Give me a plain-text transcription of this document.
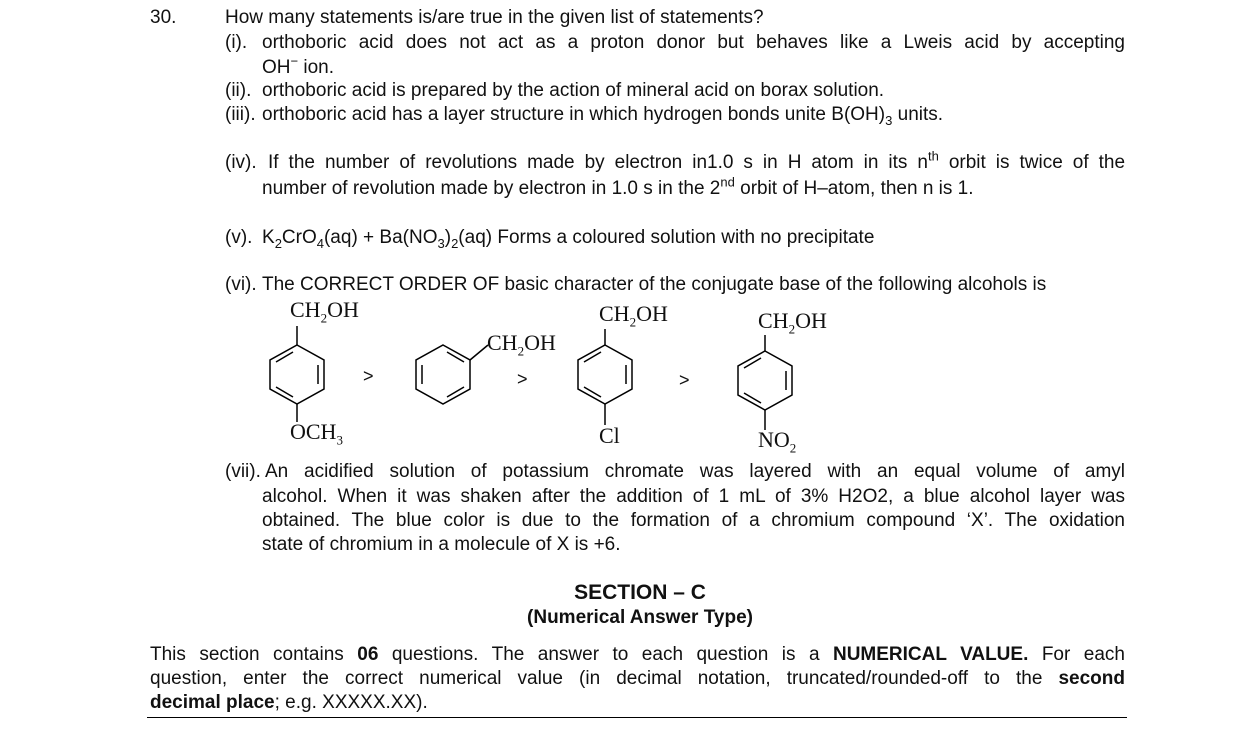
30.	How many statements is/are true in the given list of statements?
(i). orthoboric acid does not act as a proton donor but behaves like a Lweis acid by accepting
OH− ion.
(ii). orthoboric acid is prepared by the action of mineral acid on borax solution.
(iii). orthoboric acid has a layer structure in which hydrogen bonds unite $B(OH)_3$ units.
(iv). If the number of revolutions made by electron in1.0 s in H atom in its $n^{th}$ orbit is twice of the
number of revolution made by electron in 1.0 s in the 2nd orbit of H–atom, then n is 1.
(v). $K_2CrO_4(aq) + Ba(NO_3)_2(aq)$ Forms a coloured solution with no precipitate
(vi). The CORRECT ORDER OF basic character of the conjugate base of the following alcohols is
$CH_2OH$
$OCH_3$
>
$CH_2OH$
>
$CH_2OH$
Cl
>
$CH_2OH$
$NO_2$
(vii). An acidified solution of potassium chromate was layered with an equal volume of amyl
alcohol. When it was shaken after the addition of 1 mL of 3% H2O2, a blue alcohol layer was
obtained. The blue color is due to the formation of a chromium compound ‘X’. The oxidation
state of chromium in a molecule of X is +6.
SECTION – C
(Numerical Answer Type)
This section contains 06 questions. The answer to each question is a NUMERICAL VALUE. For each
question, enter the correct numerical value (in decimal notation, truncated/rounded-off to the second
decimal place; e.g. XXXXX.XX).
